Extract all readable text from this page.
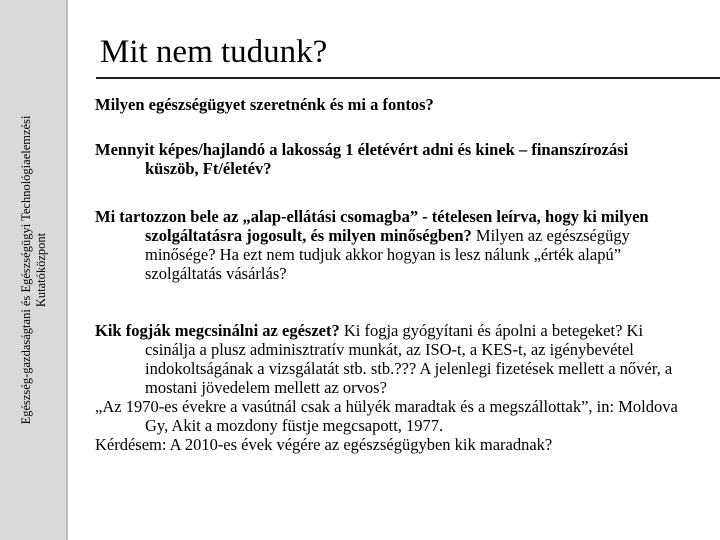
Egészség-gazdaságtani és Egészségügyi Technológiaelemzési Kutatóközpont
Mit nem tudunk?

Milyen egészségügyet szeretnénk és mi a fontos?

Mennyit képes/hajlandó a lakosság 1 életévért adni és kinek – finanszírozási küszöb, Ft/életév?

Mi tartozzon bele az „alap-ellátási csomagba” - tételesen leírva, hogy ki milyen szolgáltatásra jogosult, és milyen minőségben? Milyen az egészségügy minősége? Ha ezt nem tudjuk akkor hogyan is lesz nálunk „érték alapú” szolgáltatás vásárlás?

Kik fogják megcsinálni az egészet? Ki fogja gyógyítani és ápolni a betegeket? Ki csinálja a plusz adminisztratív munkát, az ISO-t, a KES-t, az igénybevétel indokoltságának a vizsgálatát stb. stb.??? A jelenlegi fizetések mellett a nővér, a mostani jövedelem mellett az orvos?

„Az 1970-es évekre a vasútnál csak a hülyék maradtak és a megszállottak”, in: Moldova Gy, Akit a mozdony füstje megcsapott, 1977.

Kérdésem: A 2010-es évek végére az egészségügyben kik maradnak?
